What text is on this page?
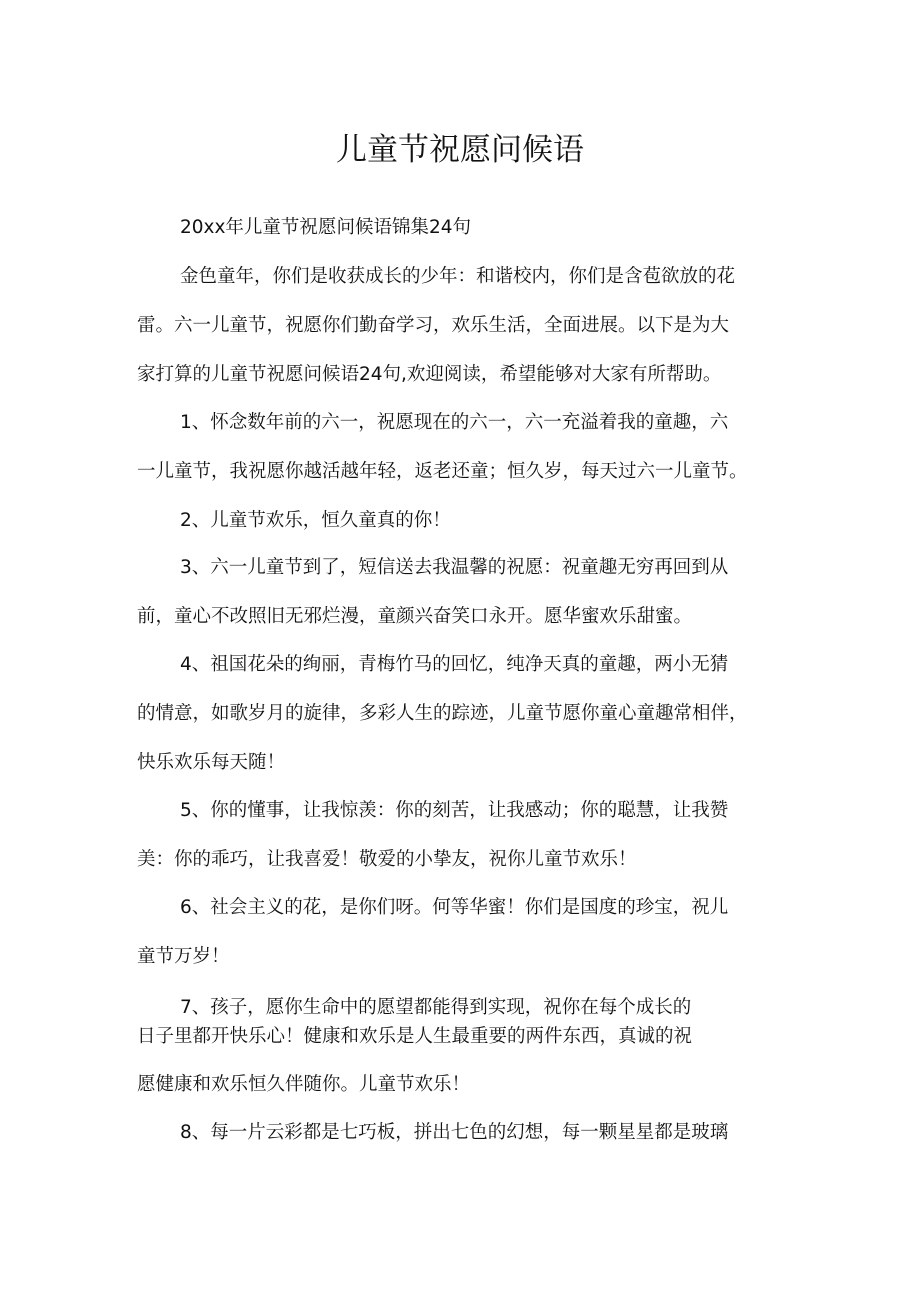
儿童节祝愿问候语
20xx年儿童节祝愿问候语锦集24句
金色童年，你们是收获成长的少年：和谐校内，你们是含苞欲放的花
雷。六一儿童节，祝愿你们勤奋学习，欢乐生活，全面进展。以下是为大
家打算的儿童节祝愿问候语24句,欢迎阅读，希望能够对大家有所帮助。
1、怀念数年前的六一，祝愿现在的六一，六一充溢着我的童趣，六
一儿童节，我祝愿你越活越年轻，返老还童；恒久岁，每天过六一儿童节。
2、儿童节欢乐，恒久童真的你！
3、六一儿童节到了，短信送去我温馨的祝愿：祝童趣无穷再回到从
前，童心不改照旧无邪烂漫，童颜兴奋笑口永开。愿华蜜欢乐甜蜜。
4、祖国花朵的绚丽，青梅竹马的回忆，纯净天真的童趣，两小无猜
的情意，如歌岁月的旋律，多彩人生的踪迹，儿童节愿你童心童趣常相伴，
快乐欢乐每天随！
5、你的懂事，让我惊羡：你的刻苦，让我感动；你的聪慧，让我赞
美：你的乖巧，让我喜爱！敬爱的小挚友，祝你儿童节欢乐！
6、社会主义的花，是你们呀。何等华蜜！你们是国度的珍宝，祝儿
童节万岁！
7、孩子，愿你生命中的愿望都能得到实现，祝你在每个成长的
日子里都开快乐心！健康和欢乐是人生最重要的两件东西，真诚的祝
愿健康和欢乐恒久伴随你。儿童节欢乐！
8、每一片云彩都是七巧板，拼出七色的幻想，每一颗星星都是玻璃
